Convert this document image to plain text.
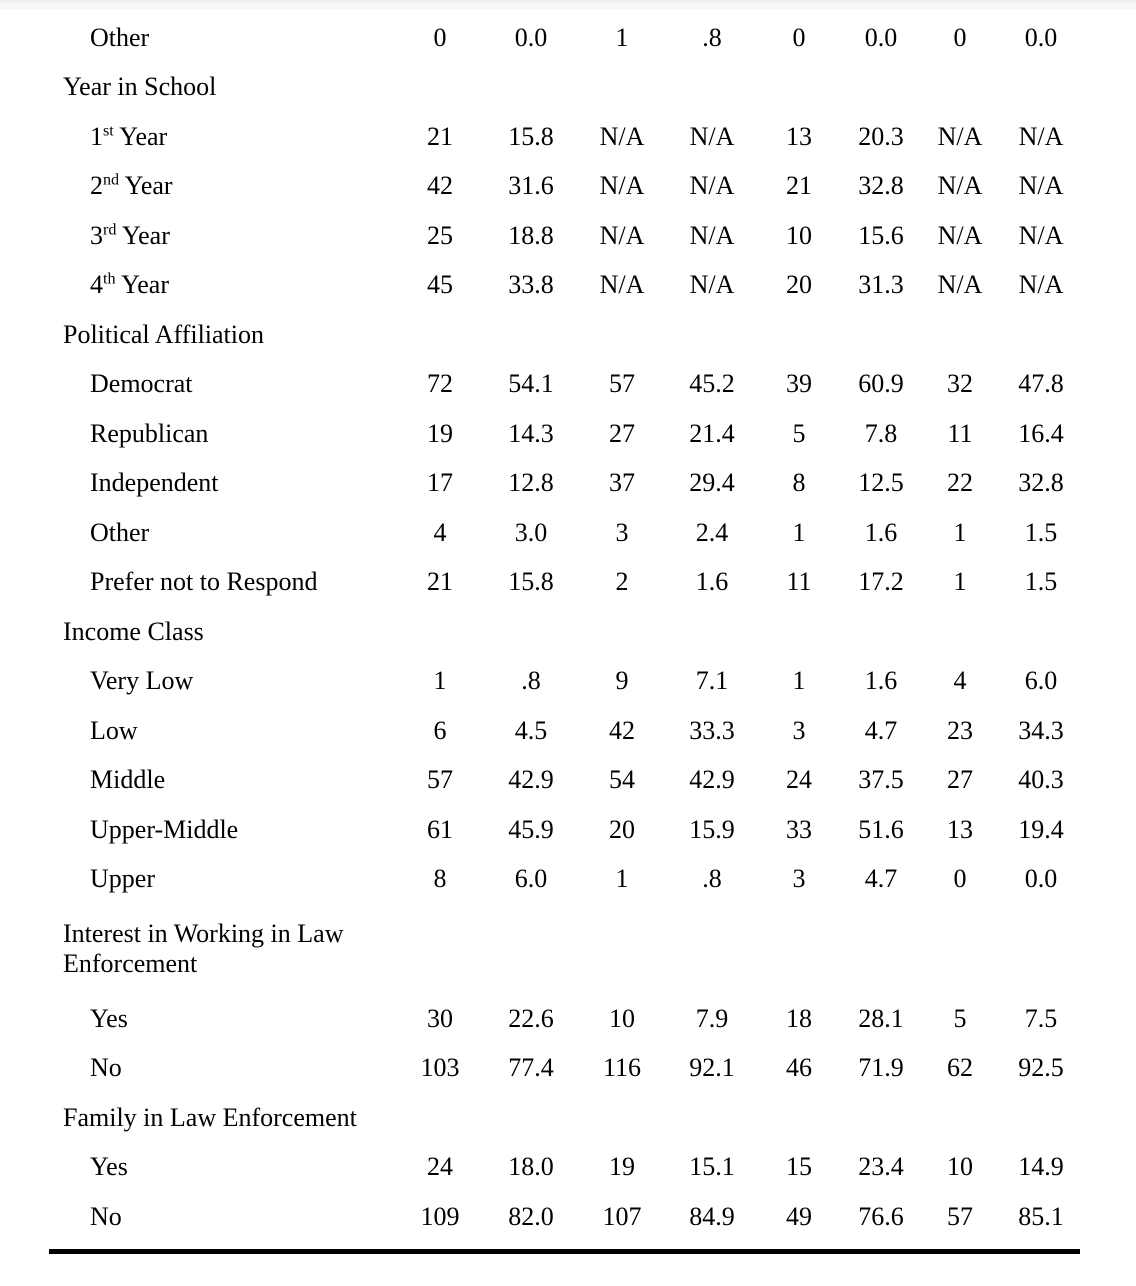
Other	0	0.0	1	.8	0	0.0	0	0.0
Year in School
1st Year	21	15.8	N/A	N/A	13	20.3	N/A	N/A
2nd Year	42	31.6	N/A	N/A	21	32.8	N/A	N/A
3rd Year	25	18.8	N/A	N/A	10	15.6	N/A	N/A
4th Year	45	33.8	N/A	N/A	20	31.3	N/A	N/A
Political Affiliation
Democrat	72	54.1	57	45.2	39	60.9	32	47.8
Republican	19	14.3	27	21.4	5	7.8	11	16.4
Independent	17	12.8	37	29.4	8	12.5	22	32.8
Other	4	3.0	3	2.4	1	1.6	1	1.5
Prefer not to Respond	21	15.8	2	1.6	11	17.2	1	1.5
Income Class
Very Low	1	.8	9	7.1	1	1.6	4	6.0
Low	6	4.5	42	33.3	3	4.7	23	34.3
Middle	57	42.9	54	42.9	24	37.5	27	40.3
Upper-Middle	61	45.9	20	15.9	33	51.6	13	19.4
Upper	8	6.0	1	.8	3	4.7	0	0.0
Interest in Working in Law Enforcement
Yes	30	22.6	10	7.9	18	28.1	5	7.5
No	103	77.4	116	92.1	46	71.9	62	92.5
Family in Law Enforcement
Yes	24	18.0	19	15.1	15	23.4	10	14.9
No	109	82.0	107	84.9	49	76.6	57	85.1
